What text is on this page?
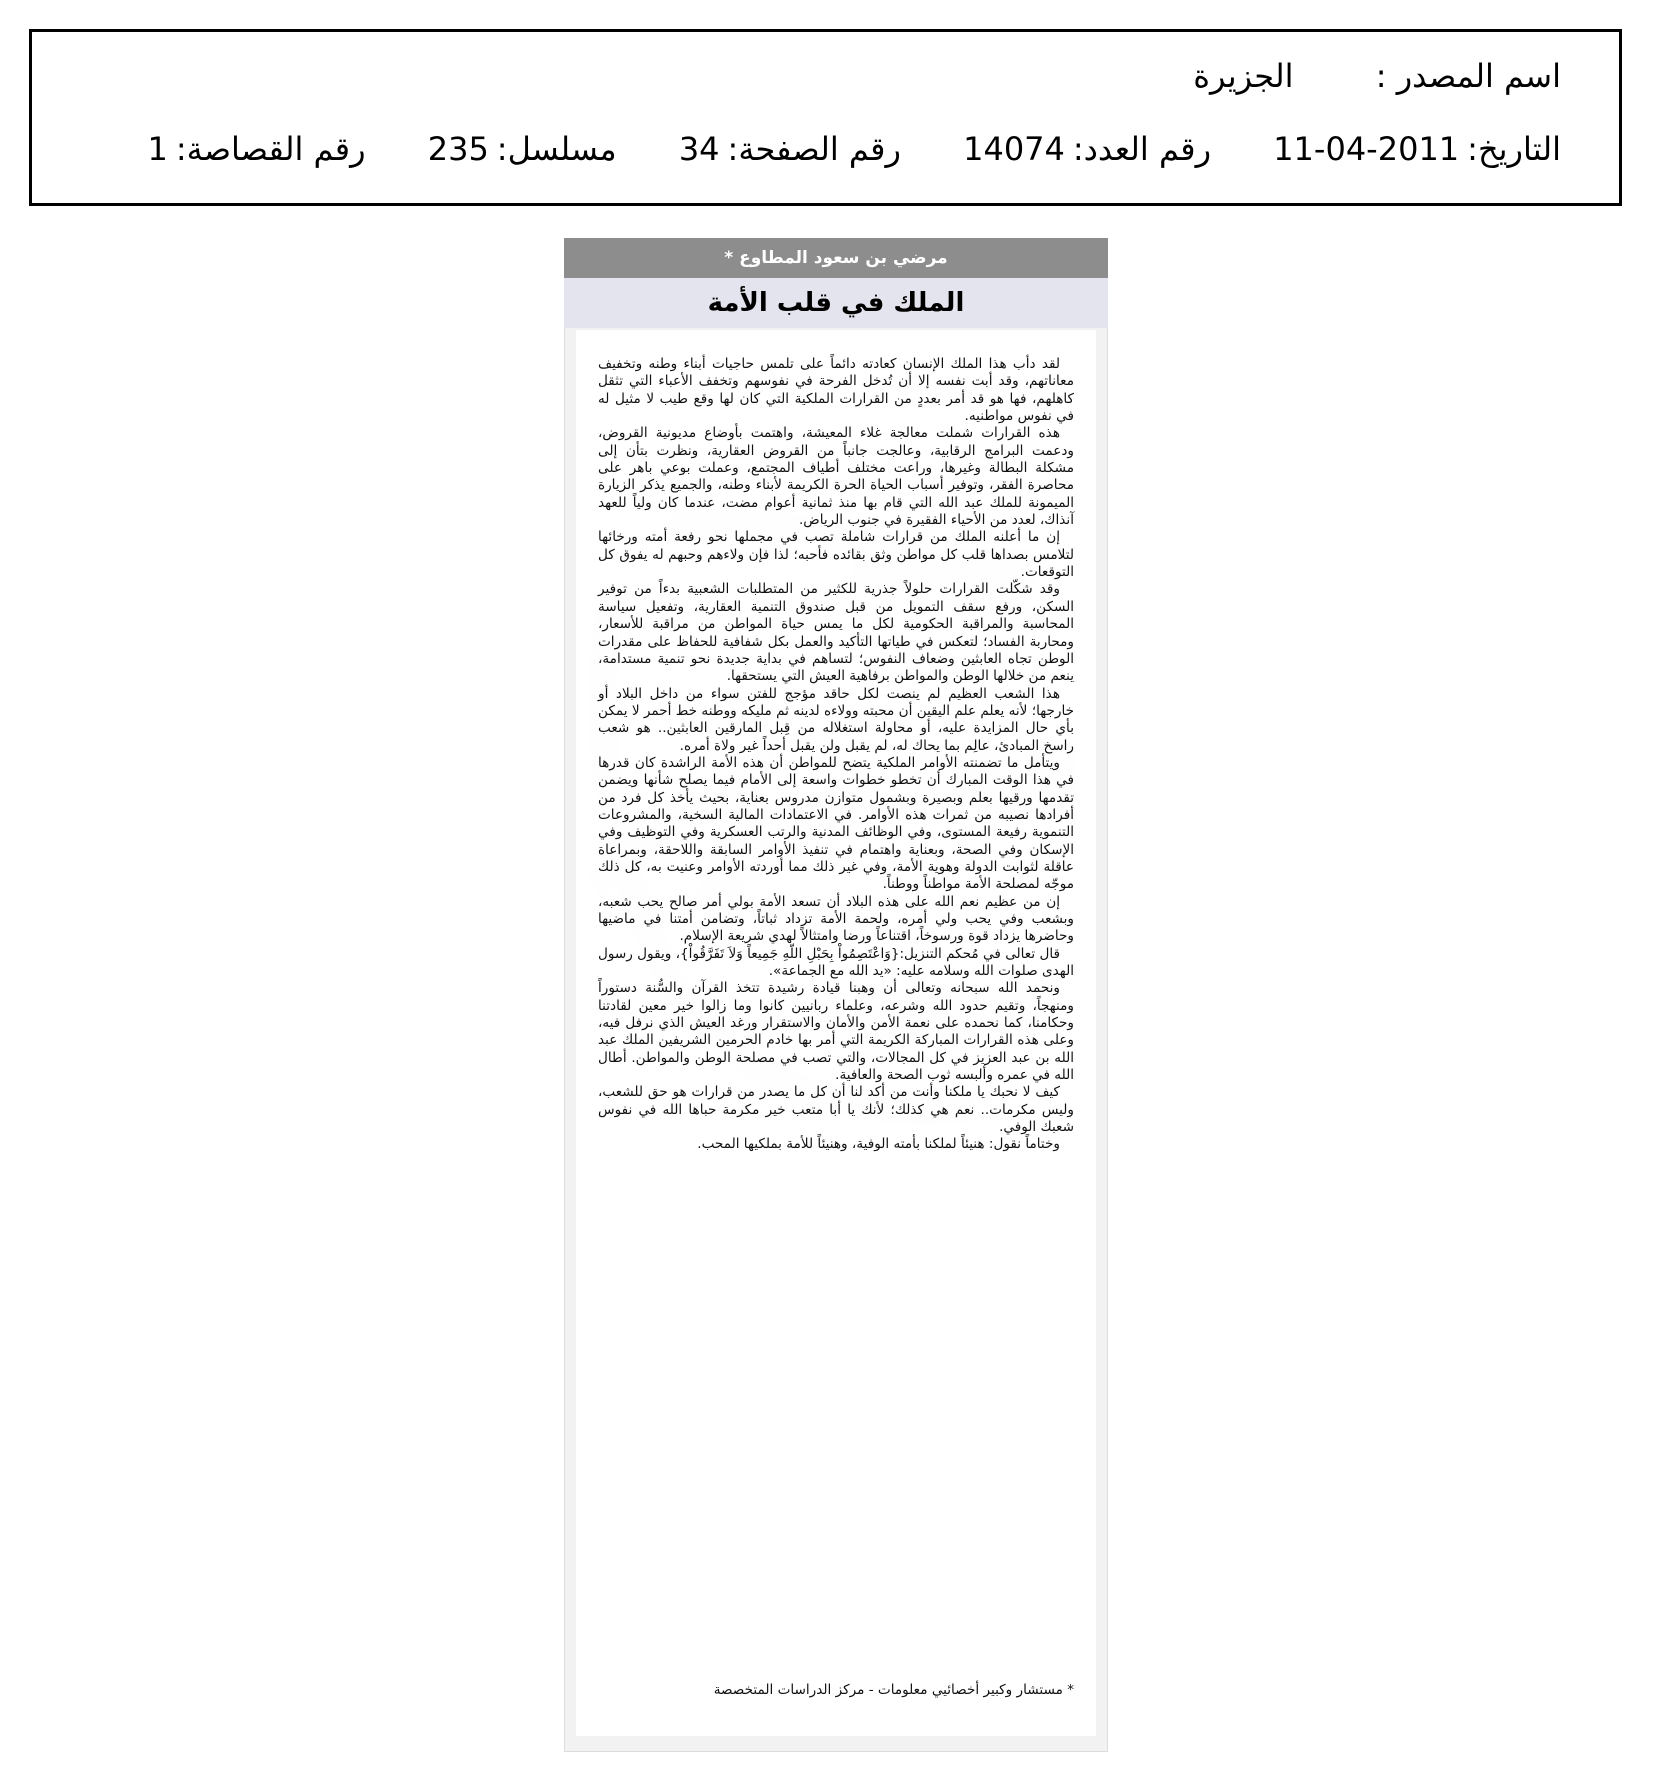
اسم المصدر : الجزيرة
التاريخ:2011-04-11 رقم العدد:14074 رقم الصفحة:34 مسلسل:235 رقم القصاصة:1
مرضي بن سعود المطاوع *
الملك في قلب الأمة

لقد دأب هذا الملك الإنسان كعادته دائماً على تلمس حاجيات أبناء وطنه وتخفيف معاناتهم، وقد أبت نفسه إلا أن تُدخل الفرحة في نفوسهم وتخفف الأعباء التي تثقل كاهلهم، فها هو قد أمر بعددٍ من القرارات الملكية التي كان لها وقع طيب لا مثيل له في نفوس مواطنيه.

هذه القرارات شملت معالجة غلاء المعيشة، واهتمت بأوضاع مديونية القروض، ودعمت البرامج الرقابية، وعالجت جانباً من القروض العقارية، ونظرت بتأن إلى مشكلة البطالة وغيرها، وراعت مختلف أطياف المجتمع، وعملت بوعي باهر على محاصرة الفقر، وتوفير أسباب الحياة الحرة الكريمة لأبناء وطنه، والجميع يذكر الزيارة الميمونة للملك عبد الله التي قام بها منذ ثمانية أعوام مضت، عندما كان ولياً للعهد آنذاك، لعدد من الأحياء الفقيرة في جنوب الرياض.

إن ما أعلنه الملك من قرارات شاملة تصب في مجملها نحو رفعة أمته ورخائها لتلامس بصداها قلب كل مواطن وثق بقائده فأحبه؛ لذا فإن ولاءهم وحبهم له يفوق كل التوقعات.

وقد شكّلت القرارات حلولاً جذرية للكثير من المتطلبات الشعبية بدءاً من توفير السكن، ورفع سقف التمويل من قبل صندوق التنمية العقارية، وتفعيل سياسة المحاسبة والمراقبة الحكومية لكل ما يمس حياة المواطن من مراقبة للأسعار، ومحاربة الفساد؛ لتعكس في طياتها التأكيد والعمل بكل شفافية للحفاظ على مقدرات الوطن تجاه العابثين وضعاف النفوس؛ لتساهم في بداية جديدة نحو تنمية مستدامة، ينعم من خلالها الوطن والمواطن برفاهية العيش التي يستحقها.

هذا الشعب العظيم لم ينصت لكل حاقد مؤجج للفتن سواء من داخل البلاد أو خارجها؛ لأنه يعلم علم اليقين أن محبته وولاءه لدينه ثم مليكه ووطنه خط أحمر لا يمكن بأي حال المزايدة عليه، أو محاولة استغلاله من قِبل المارقين العابثين.. هو شعب راسخ المبادئ، عالِم بما يحاك له، لم يقبل ولن يقبل أحداً غير ولاة أمره.

ويتأمل ما تضمنته الأوامر الملكية يتضح للمواطن أن هذه الأمة الراشدة كان قدرها في هذا الوقت المبارك أن تخطو خطوات واسعة إلى الأمام فيما يصلح شأنها ويضمن تقدمها ورقيها بعلم وبصيرة وبشمول متوازن مدروس بعناية، بحيث يأخذ كل فرد من أفرادها نصيبه من ثمرات هذه الأوامر. في الاعتمادات المالية السخية، والمشروعات التنموية رفيعة المستوى، وفي الوظائف المدنية والرتب العسكرية وفي التوظيف وفي الإسكان وفي الصحة، وبعناية واهتمام في تنفيذ الأوامر السابقة واللاحقة، وبمراعاة عاقلة لثوابت الدولة وهوية الأمة، وفي غير ذلك مما أوردته الأوامر وعنيت به، كل ذلك موجّه لمصلحة الأمة مواطناً ووطناً.

إن من عظيم نعم الله على هذه البلاد أن تسعد الأمة بولي أمر صالح يحب شعبه، وبشعب وفي يحب ولي أمره، ولحمة الأمة تزداد ثباتاً، وتضامن أمتنا في ماضيها وحاضرها يزداد قوة ورسوخاً، اقتناعاً ورضا وامتثالاً لهدي شريعة الإسلام.

قال تعالى في مُحكم التنزيل:{وَاعْتَصِمُواْ بِحَبْلِ اللّهِ جَمِيعاً وَلاَ تَفَرَّقُواْ}، ويقول رسول الهدى صلوات الله وسلامه عليه: «يد الله مع الجماعة».

ونحمد الله سبحانه وتعالى أن وهبنا قيادة رشيدة تتخذ القرآن والسُّنة دستوراً ومنهجاً، وتقيم حدود الله وشرعه، وعلماء ربانيين كانوا وما زالوا خير معين لقادتنا وحكامنا، كما نحمده على نعمة الأمن والأمان والاستقرار ورغد العيش الذي نرفل فيه، وعلى هذه القرارات المباركة الكريمة التي أمر بها خادم الحرمين الشريفين الملك عبد الله بن عبد العزيز في كل المجالات، والتي تصب في مصلحة الوطن والمواطن. أطال الله في عمره وألبسه ثوب الصحة والعافية.

كيف لا نحبك يا ملكنا وأنت من أكد لنا أن كل ما يصدر من قرارات هو حق للشعب، وليس مكرمات.. نعم هي كذلك؛ لأنك يا أبا متعب خير مكرمة حباها الله في نفوس شعبك الوفي.

وختاماً نقول: هنيئاً لملكنا بأمته الوفية، وهنيئاً للأمة بملكيها المحب.

* مستشار وكبير أخصائيي معلومات - مركز الدراسات المتخصصة
